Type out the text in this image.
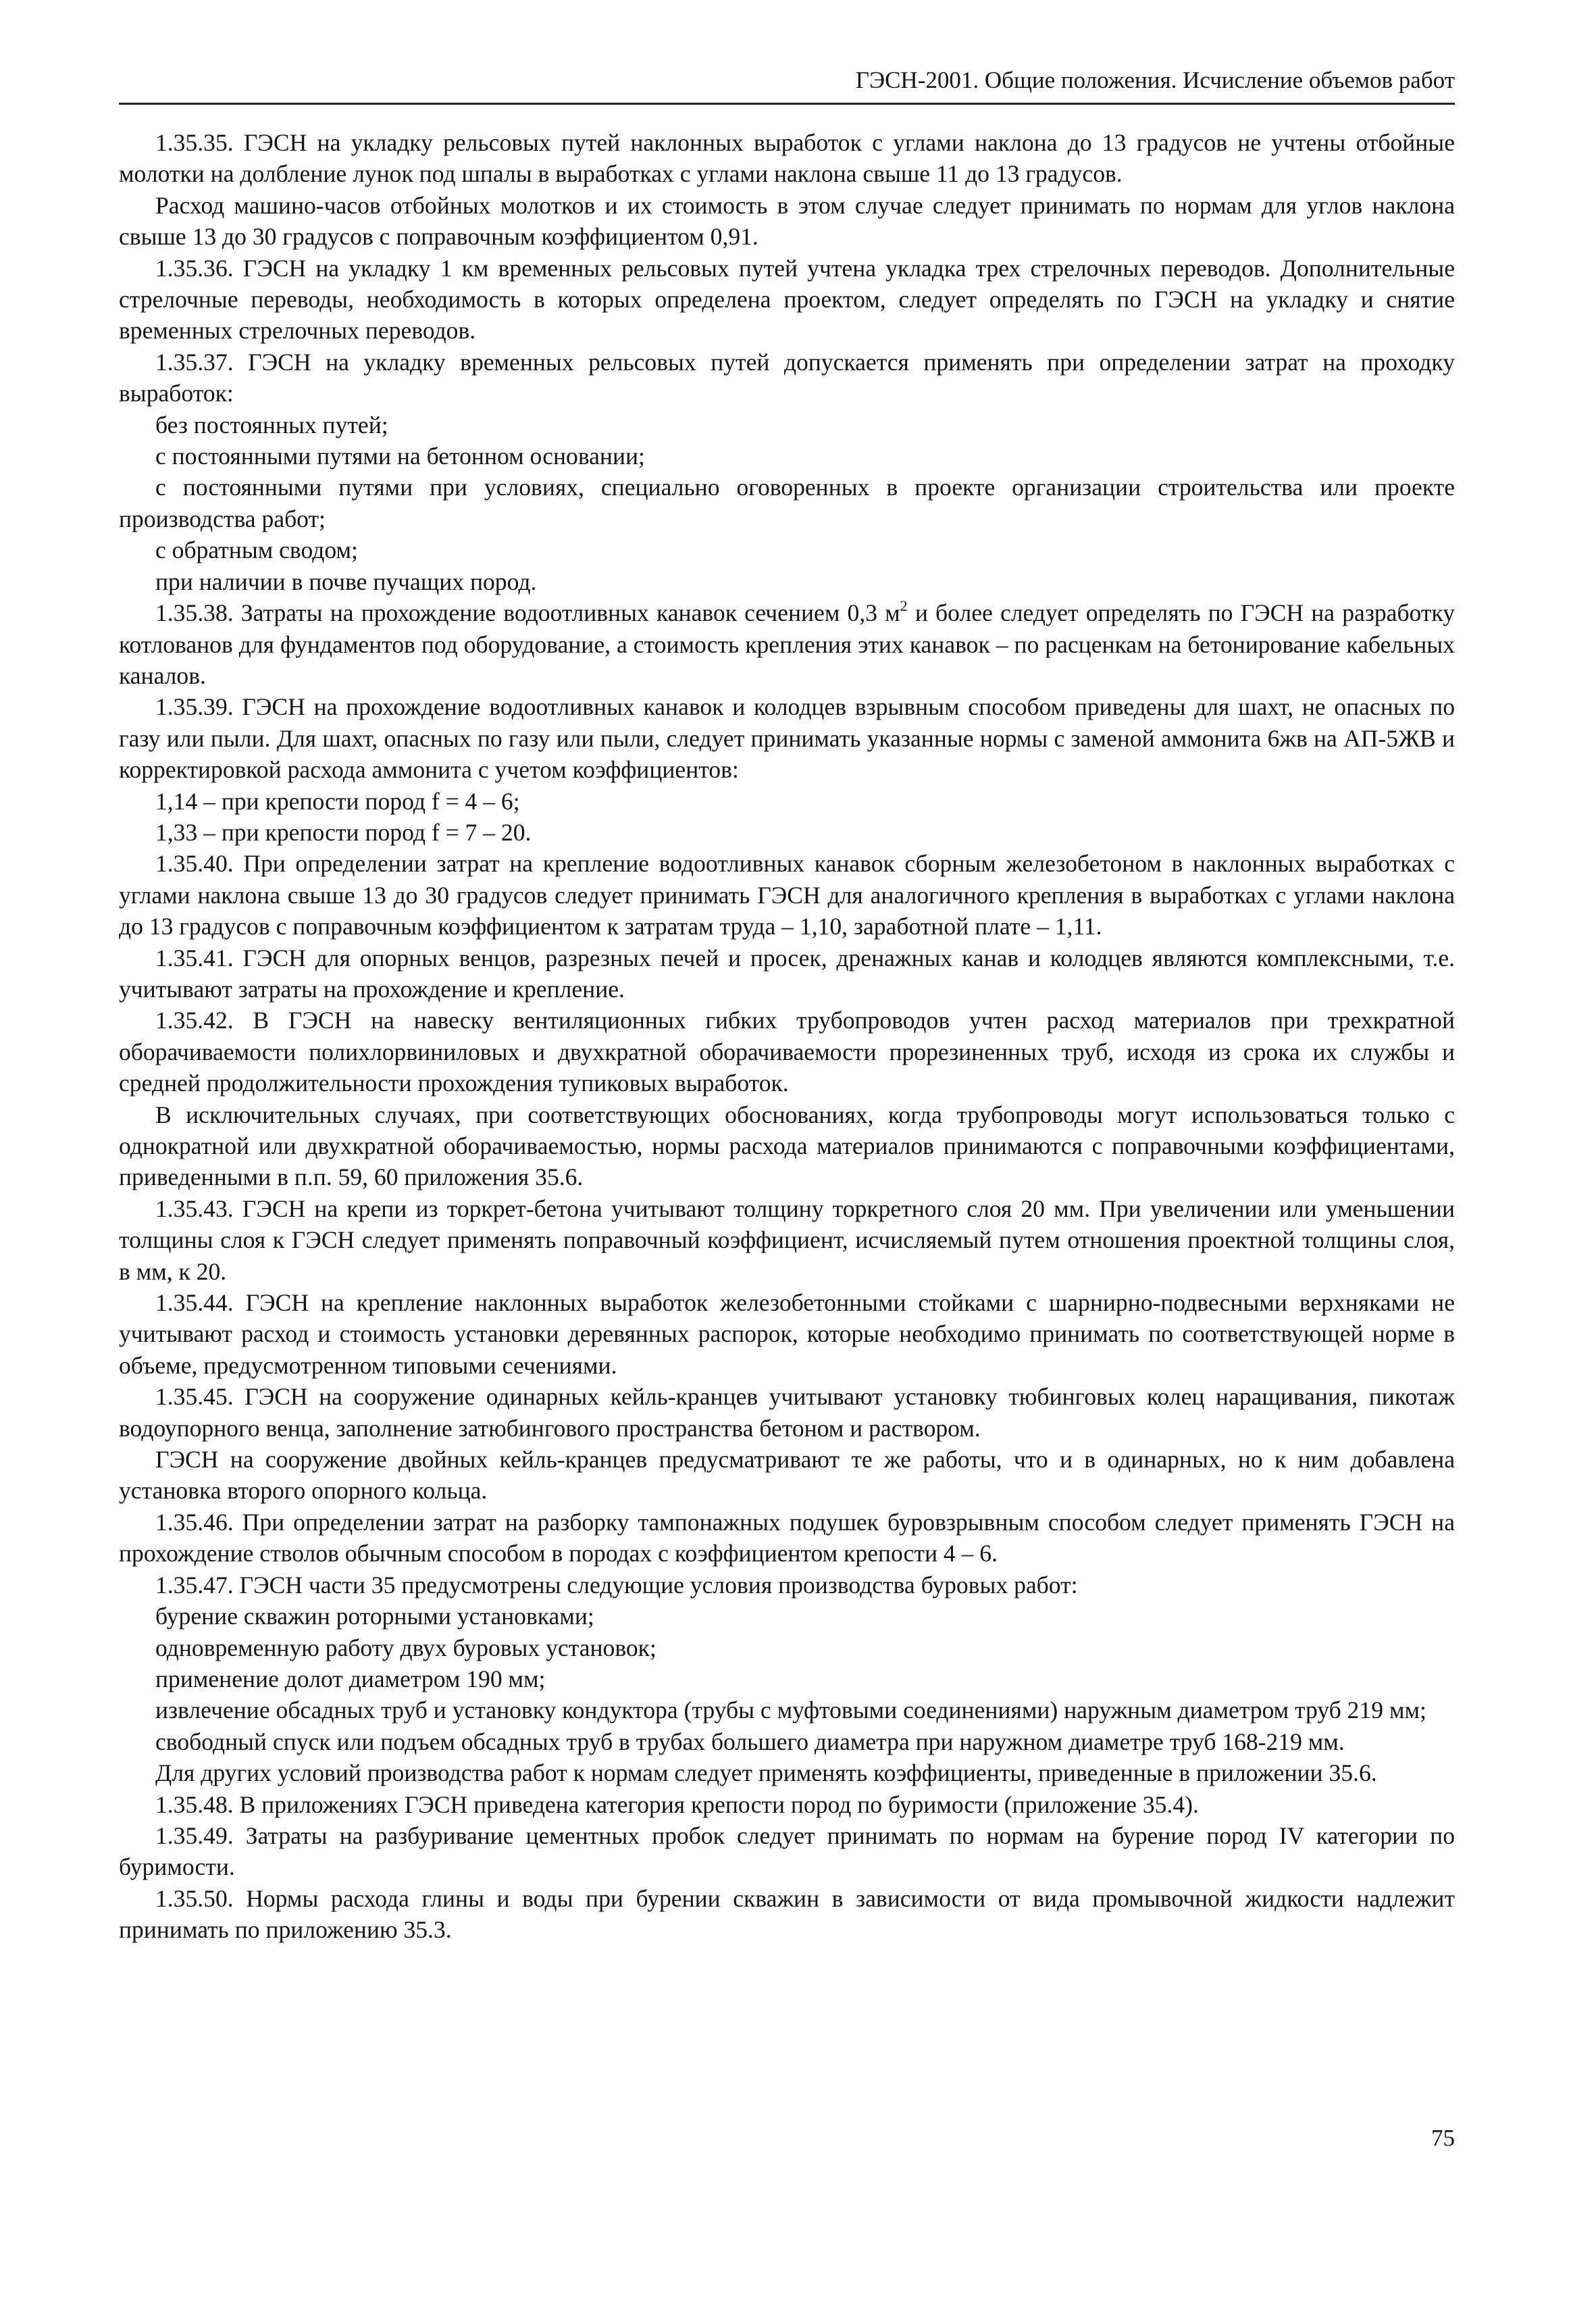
ГЭСН-2001. Общие положения. Исчисление объемов работ

1.35.35. ГЭСН на укладку рельсовых путей наклонных выработок с углами наклона до 13 градусов не учтены отбойные молотки на долбление лунок под шпалы в выработках с углами наклона свыше 11 до 13 градусов.

Расход машино-часов отбойных молотков и их стоимость в этом случае следует принимать по нормам для углов наклона свыше 13 до 30 градусов с поправочным коэффициентом 0,91.

1.35.36. ГЭСН на укладку 1 км временных рельсовых путей учтена укладка трех стрелочных переводов. Дополнительные стрелочные переводы, необходимость в которых определена проектом, следует определять по ГЭСН на укладку и снятие временных стрелочных переводов.

1.35.37. ГЭСН на укладку временных рельсовых путей допускается применять при определении затрат на проходку выработок:

без постоянных путей;

с постоянными путями на бетонном основании;

с постоянными путями при условиях, специально оговоренных в проекте организации строительства или проекте производства работ;

с обратным сводом;

при наличии в почве пучащих пород.

1.35.38. Затраты на прохождение водоотливных канавок сечением 0,3 $м^2$ и более следует определять по ГЭСН на разработку котлованов для фундаментов под оборудование, а стоимость крепления этих канавок – по расценкам на бетонирование кабельных каналов.

1.35.39. ГЭСН на прохождение водоотливных канавок и колодцев взрывным способом приведены для шахт, не опасных по газу или пыли. Для шахт, опасных по газу или пыли, следует принимать указанные нормы с заменой аммонита 6жв на АП-5ЖВ и корректировкой расхода аммонита с учетом коэффициентов:

1,14 – при крепости пород f = 4 – 6;

1,33 – при крепости пород f = 7 – 20.

1.35.40. При определении затрат на крепление водоотливных канавок сборным железобетоном в наклонных выработках с углами наклона свыше 13 до 30 градусов следует принимать ГЭСН для аналогичного крепления в выработках с углами наклона до 13 градусов с поправочным коэффициентом к затратам труда – 1,10, заработной плате – 1,11.

1.35.41. ГЭСН для опорных венцов, разрезных печей и просек, дренажных канав и колодцев являются комплексными, т.е. учитывают затраты на прохождение и крепление.

1.35.42. В ГЭСН на навеску вентиляционных гибких трубопроводов учтен расход материалов при трехкратной оборачиваемости полихлорвиниловых и двухкратной оборачиваемости прорезиненных труб, исходя из срока их службы и средней продолжительности прохождения тупиковых выработок.

В исключительных случаях, при соответствующих обоснованиях, когда трубопроводы могут использоваться только с однократной или двухкратной оборачиваемостью, нормы расхода материалов принимаются с поправочными коэффициентами, приведенными в п.п. 59, 60 приложения 35.6.

1.35.43. ГЭСН на крепи из торкрет-бетона учитывают толщину торкретного слоя 20 мм. При увеличении или уменьшении толщины слоя к ГЭСН следует применять поправочный коэффициент, исчисляемый путем отношения проектной толщины слоя, в мм, к 20.

1.35.44. ГЭСН на крепление наклонных выработок железобетонными стойками с шарнирно-подвесными верхняками не учитывают расход и стоимость установки деревянных распорок, которые необходимо принимать по соответствующей норме в объеме, предусмотренном типовыми сечениями.

1.35.45. ГЭСН на сооружение одинарных кейль-кранцев учитывают установку тюбинговых колец наращивания, пикотаж водоупорного венца, заполнение затюбингового пространства бетоном и раствором.

ГЭСН на сооружение двойных кейль-кранцев предусматривают те же работы, что и в одинарных, но к ним добавлена установка второго опорного кольца.

1.35.46. При определении затрат на разборку тампонажных подушек буровзрывным способом следует применять ГЭСН на прохождение стволов обычным способом в породах с коэффициентом крепости 4 – 6.

1.35.47. ГЭСН части 35 предусмотрены следующие условия производства буровых работ:

бурение скважин роторными установками;

одновременную работу двух буровых установок;

применение долот диаметром 190 мм;

извлечение обсадных труб и установку кондуктора (трубы с муфтовыми соединениями) наружным диаметром труб 219 мм;

свободный спуск или подъем обсадных труб в трубах большего диаметра при наружном диаметре труб 168-219 мм.

Для других условий производства работ к нормам следует применять коэффициенты, приведенные в приложении 35.6.

1.35.48. В приложениях ГЭСН приведена категория крепости пород по буримости (приложение 35.4).

1.35.49. Затраты на разбуривание цементных пробок следует принимать по нормам на бурение пород IV категории по буримости.

1.35.50. Нормы расхода глины и воды при бурении скважин в зависимости от вида промывочной жидкости надлежит принимать по приложению 35.3.

75
